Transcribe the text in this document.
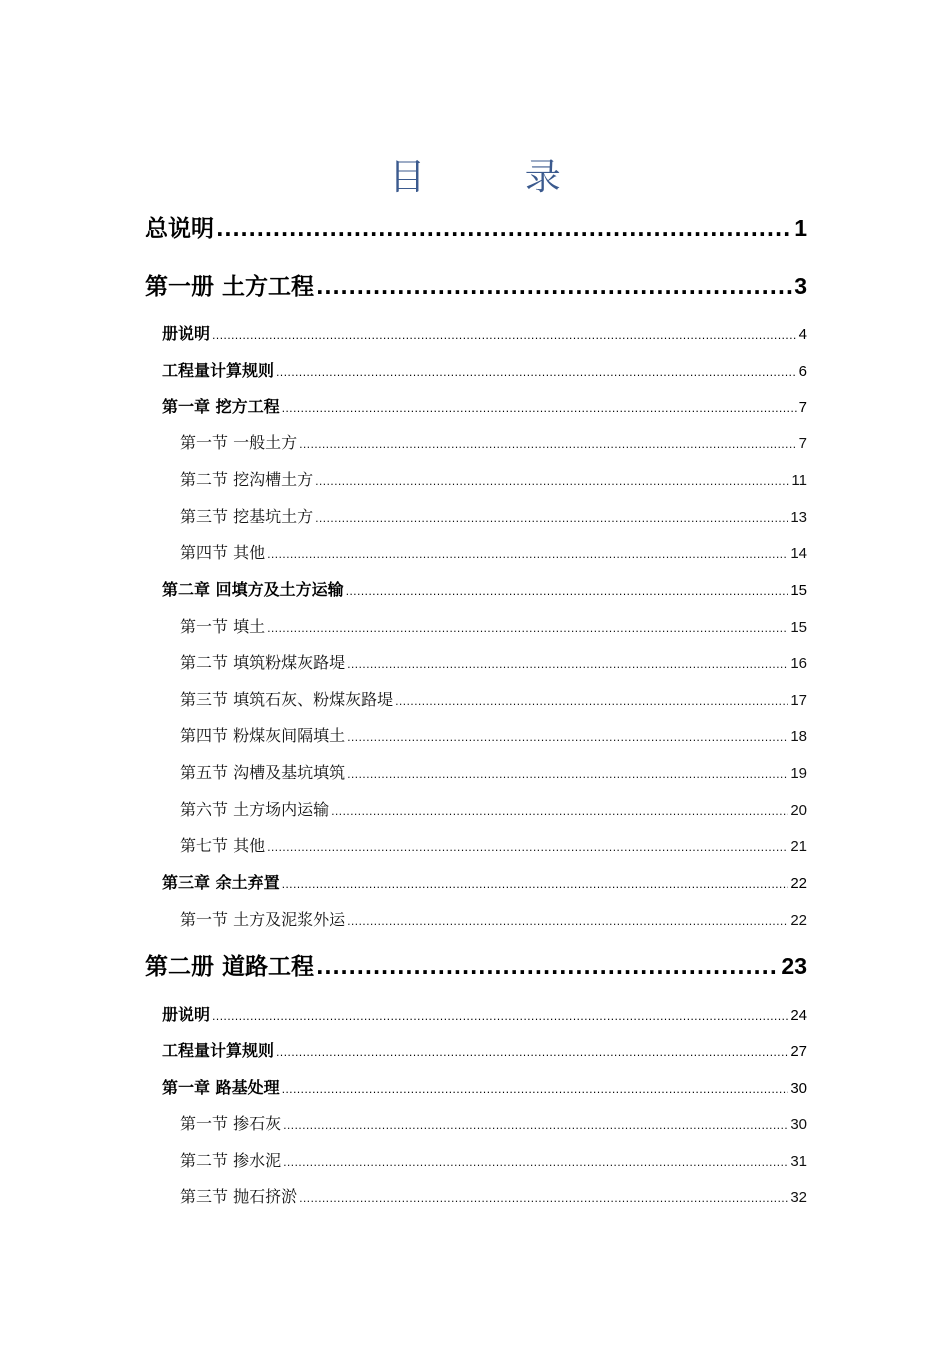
目 录
总说明 .....	1
第一册 土方工程 .....	3
册说明 .....	4
工程量计算规则 .....	6
第一章 挖方工程 .....	7
第一节 一般土方 .....	7
第二节 挖沟槽土方 .....	11
第三节 挖基坑土方 .....	13
第四节 其他 .....	14
第二章 回填方及土方运输 .....	15
第一节 填土 .....	15
第二节 填筑粉煤灰路堤 .....	16
第三节 填筑石灰、粉煤灰路堤 .....	17
第四节 粉煤灰间隔填土 .....	18
第五节 沟槽及基坑填筑 .....	19
第六节 土方场内运输 .....	20
第七节 其他 .....	21
第三章 余土弃置 .....	22
第一节 土方及泥浆外运 .....	22
第二册 道路工程 .....	23
册说明 .....	24
工程量计算规则 .....	27
第一章 路基处理 .....	30
第一节 掺石灰 .....	30
第二节 掺水泥 .....	31
第三节 抛石挤淤 .....	32
